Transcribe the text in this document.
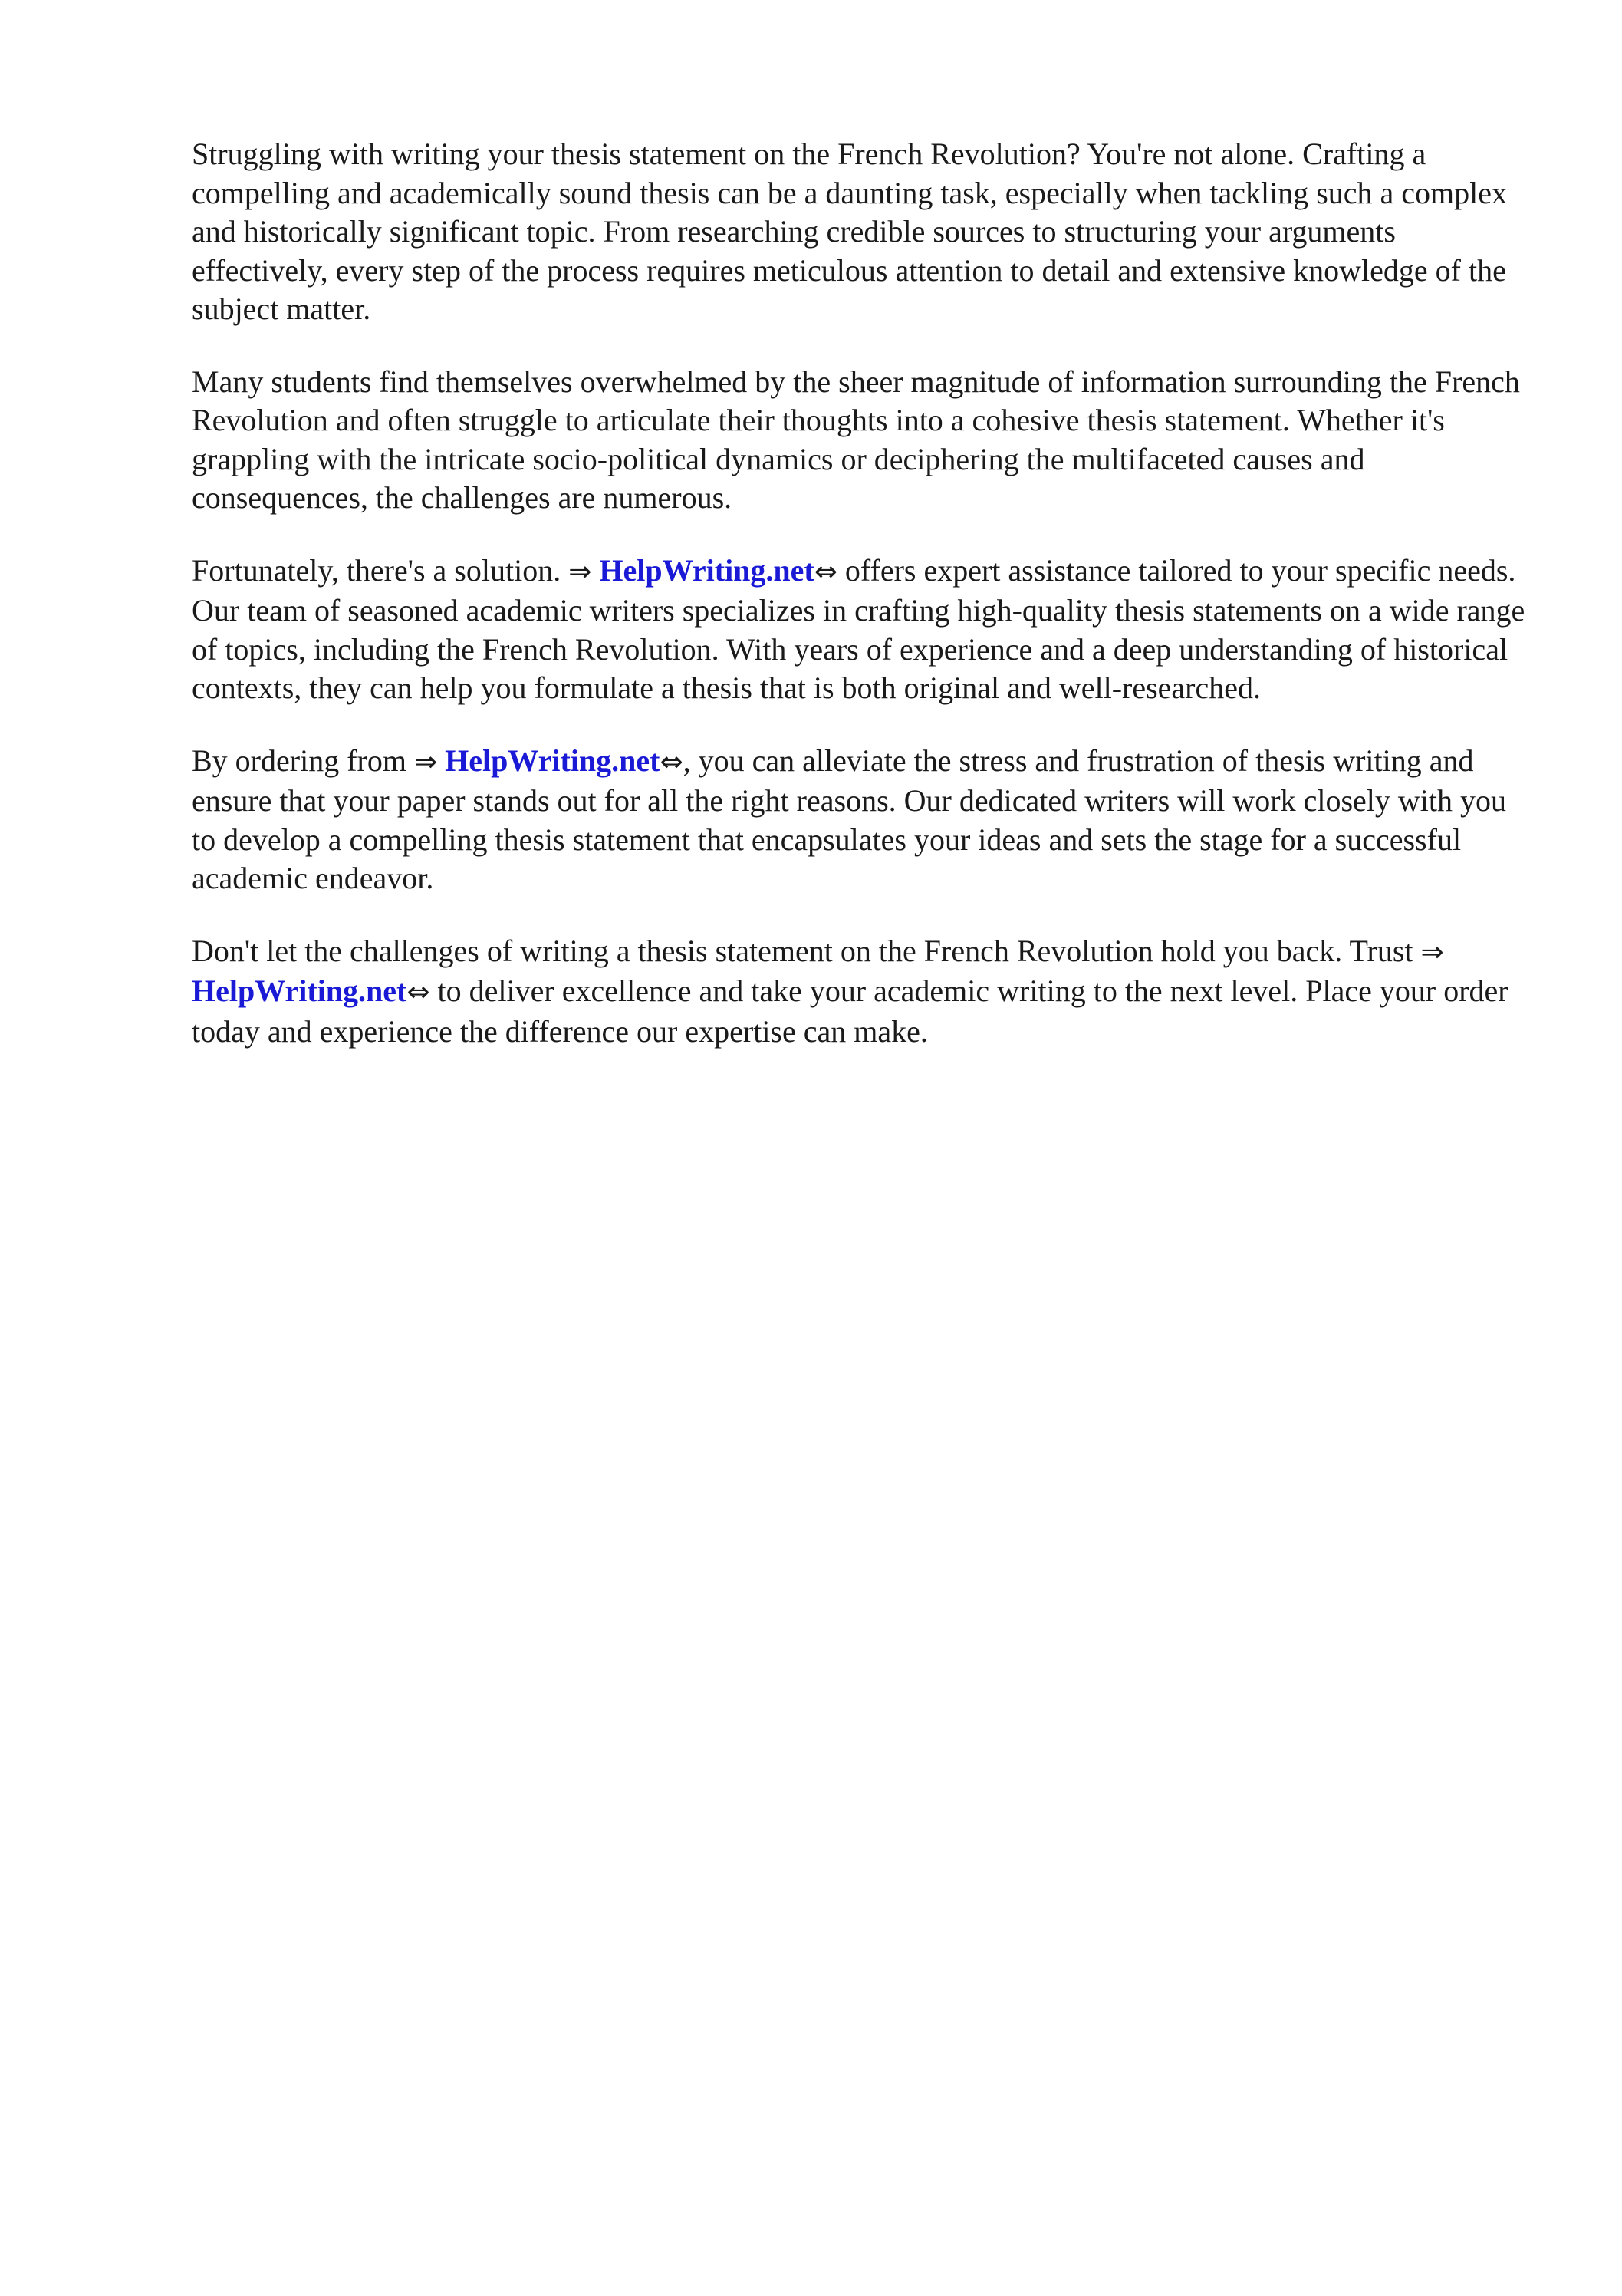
Struggling with writing your thesis statement on the French Revolution? You're not alone. Crafting a compelling and academically sound thesis can be a daunting task, especially when tackling such a complex and historically significant topic. From researching credible sources to structuring your arguments effectively, every step of the process requires meticulous attention to detail and extensive knowledge of the subject matter.

Many students find themselves overwhelmed by the sheer magnitude of information surrounding the French Revolution and often struggle to articulate their thoughts into a cohesive thesis statement. Whether it's grappling with the intricate socio-political dynamics or deciphering the multifaceted causes and consequences, the challenges are numerous.

Fortunately, there's a solution. ⇒ HelpWriting.net⇔ offers expert assistance tailored to your specific needs. Our team of seasoned academic writers specializes in crafting high-quality thesis statements on a wide range of topics, including the French Revolution. With years of experience and a deep understanding of historical contexts, they can help you formulate a thesis that is both original and well-researched.

By ordering from ⇒ HelpWriting.net⇔, you can alleviate the stress and frustration of thesis writing and ensure that your paper stands out for all the right reasons. Our dedicated writers will work closely with you to develop a compelling thesis statement that encapsulates your ideas and sets the stage for a successful academic endeavor.

Don't let the challenges of writing a thesis statement on the French Revolution hold you back. Trust ⇒ HelpWriting.net⇔ to deliver excellence and take your academic writing to the next level. Place your order today and experience the difference our expertise can make.
